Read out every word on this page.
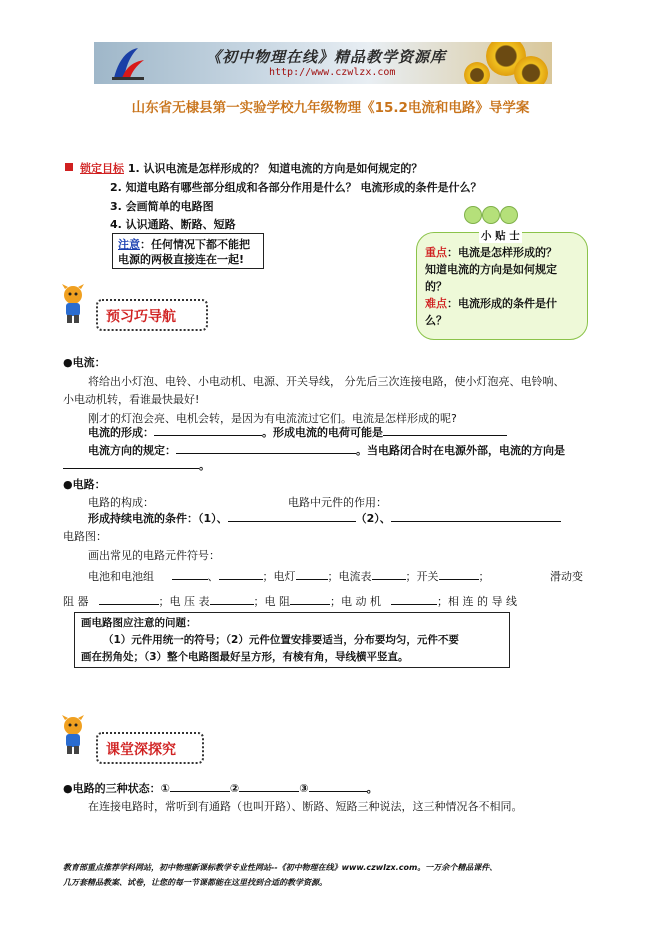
《初中物理在线》精品教学资源库
http://www.czwlzx.com
山东省无棣县第一实验学校九年级物理《15.2电流和电路》导学案
锁定目标 1. 认识电流是怎样形成的？ 知道电流的方向是如何规定的？
2. 知道电路有哪些部分组成和各部分作用是什么？ 电流形成的条件是什么？
3. 会画简单的电路图
4. 认识通路、断路、短路
注意：任何情况下都不能把
电源的两极直接连在一起!
小 贴 士
重点：电流是怎样形成的？
知道电流的方向是如何规定
的？
难点：电流形成的条件是什
么？
预习巧导航
●电流：
将给出小灯泡、电铃、小电动机、电源、开关导线， 分先后三次连接电路，使小灯泡亮、电铃响、
小电动机转，看谁最快最好!
刚才的灯泡会亮、电机会转，是因为有电流流过它们。电流是怎样形成的呢?
电流的形成：	。形成电流的电荷可能是
电流方向的规定：	。当电路闭合时在电源外部，电流的方向是
。
●电路：
电路的构成：	电路中元件的作用：
形成持续电流的条件：（1）、	（2）、
电路图：
画出常见的电路元件符号：
电池和电池组	、	；电灯	；电流表	；开关	；	滑动变
阻 器	；电 压 表	；电 阻	；电 动 机	；相 连 的 导 线
画电路图应注意的问题：
（1）元件用统一的符号；（2）元件位置安排要适当，分布要均匀，元件不要
画在拐角处；（3）整个电路图最好呈方形，有棱有角，导线横平竖直。
课堂深探究
●电路的三种状态：①	②	③	。
在连接电路时，常听到有通路（也叫开路）、断路、短路三种说法，这三种情况各不相同。
教育部重点推荐学科网站，初中物理新课标教学专业性网站--《初中物理在线》www.czwlzx.com。一万余个精品课件、
几万套精品教案、试卷，让您的每一节课都能在这里找到合适的教学资源。
